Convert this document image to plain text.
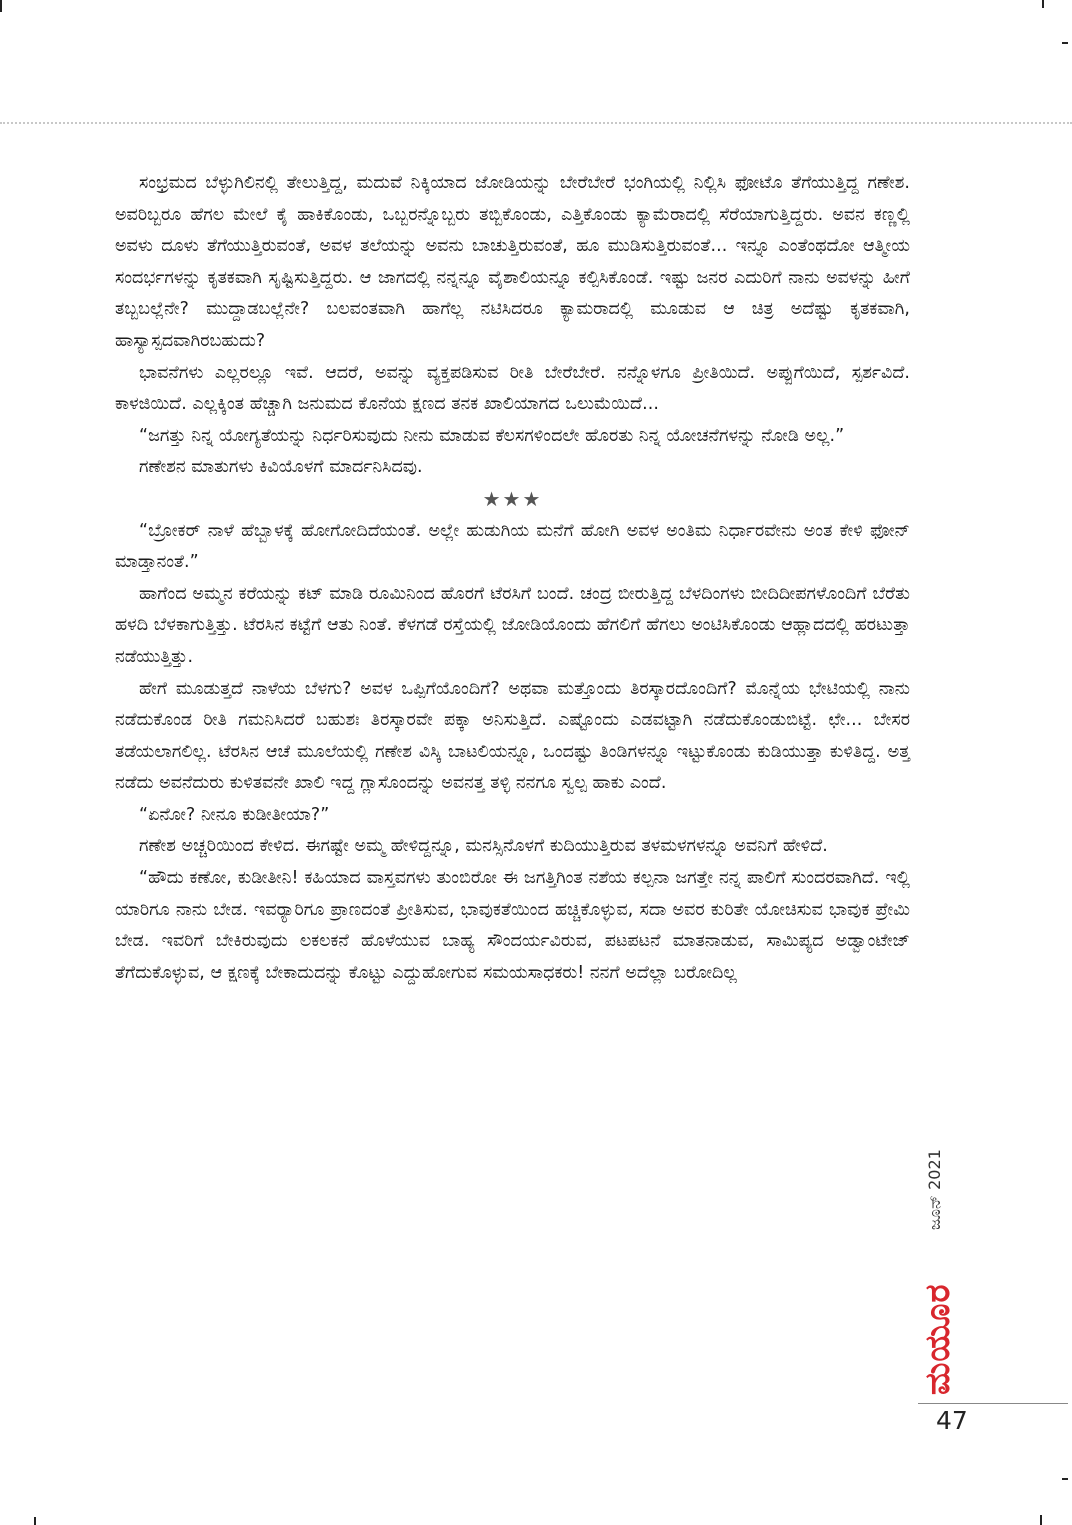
ಸಂಭ್ರಮದ ಬೆಳ್ಳುಗಿಲಿನಲ್ಲಿ ತೇಲುತ್ತಿದ್ದ, ಮದುವೆ ನಿಕ್ಕಿಯಾದ ಜೋಡಿಯನ್ನು ಬೇರೆಬೇರೆ ಭಂಗಿಯಲ್ಲಿ ನಿಲ್ಲಿಸಿ ಫೋಟೊ ತೆಗೆಯುತ್ತಿದ್ದ ಗಣೇಶ. ಅವರಿಬ್ಬರೂ ಹೆಗಲ ಮೇಲೆ ಕೈ ಹಾಕಿಕೊಂಡು, ಒಬ್ಬರನ್ನೊಬ್ಬರು ತಬ್ಬಿಕೊಂಡು, ಎತ್ತಿಕೊಂಡು ಕ್ಯಾಮೆರಾದಲ್ಲಿ ಸೆರೆಯಾಗುತ್ತಿದ್ದರು. ಅವನ ಕಣ್ಣಲ್ಲಿ ಅವಳು ದೂಳು ತೆಗೆಯುತ್ತಿರುವಂತೆ, ಅವಳ ತಲೆಯನ್ನು ಅವನು ಬಾಚುತ್ತಿರುವಂತೆ, ಹೂ ಮುಡಿಸುತ್ತಿರುವಂತೆ... ಇನ್ನೂ ಎಂತೆಂಥದೋ ಆತ್ಮೀಯ ಸಂದರ್ಭಗಳನ್ನು ಕೃತಕವಾಗಿ ಸೃಷ್ಟಿಸುತ್ತಿದ್ದರು. ಆ ಜಾಗದಲ್ಲಿ ನನ್ನನ್ನೂ ವೈಶಾಲಿಯನ್ನೂ ಕಲ್ಪಿಸಿಕೊಂಡೆ. ಇಷ್ಟು ಜನರ ಎದುರಿಗೆ ನಾನು ಅವಳನ್ನು ಹೀಗೆ ತಬ್ಬಬಲ್ಲೆನೇ? ಮುದ್ದಾಡಬಲ್ಲೆನೇ? ಬಲವಂತವಾಗಿ ಹಾಗೆಲ್ಲ ನಟಿಸಿದರೂ ಕ್ಯಾಮರಾದಲ್ಲಿ ಮೂಡುವ ಆ ಚಿತ್ರ ಅದೆಷ್ಟು ಕೃತಕವಾಗಿ, ಹಾಸ್ಯಾಸ್ಪದವಾಗಿರಬಹುದು?

ಭಾವನೆಗಳು ಎಲ್ಲರಲ್ಲೂ ಇವೆ. ಆದರೆ, ಅವನ್ನು ವ್ಯಕ್ತಪಡಿಸುವ ರೀತಿ ಬೇರೆಬೇರೆ. ನನ್ನೊಳಗೂ ಪ್ರೀತಿಯಿದೆ. ಅಪ್ಪುಗೆಯಿದೆ, ಸ್ಪರ್ಶವಿದೆ. ಕಾಳಜಿಯಿದೆ. ಎಲ್ಲಕ್ಕಿಂತ ಹೆಚ್ಚಾಗಿ ಜನುಮದ ಕೊನೆಯ ಕ್ಷಣದ ತನಕ ಖಾಲಿಯಾಗದ ಒಲುಮೆಯಿದೆ...

“ಜಗತ್ತು ನಿನ್ನ ಯೋಗ್ಯತೆಯನ್ನು ನಿರ್ಧರಿಸುವುದು ನೀನು ಮಾಡುವ ಕೆಲಸಗಳಿಂದಲೇ ಹೊರತು ನಿನ್ನ ಯೋಚನೆಗಳನ್ನು ನೋಡಿ ಅಲ್ಲ.”

ಗಣೇಶನ ಮಾತುಗಳು ಕಿವಿಯೊಳಗೆ ಮಾರ್ದನಿಸಿದವು.

★★★

“ಬ್ರೋಕರ್ ನಾಳೆ ಹೆಬ್ಬಾಳಕ್ಕೆ ಹೋಗೋದಿದೆಯಂತೆ. ಅಲ್ಲೇ ಹುಡುಗಿಯ ಮನೆಗೆ ಹೋಗಿ ಅವಳ ಅಂತಿಮ ನಿರ್ಧಾರವೇನು ಅಂತ ಕೇಳಿ ಫೋನ್ ಮಾಡ್ತಾನಂತೆ.”

ಹಾಗೆಂದ ಅಮ್ಮನ ಕರೆಯನ್ನು ಕಟ್ ಮಾಡಿ ರೂಮಿನಿಂದ ಹೊರಗೆ ಟೆರಸಿಗೆ ಬಂದೆ. ಚಂದ್ರ ಬೀರುತ್ತಿದ್ದ ಬೆಳದಿಂಗಳು ಬೀದಿದೀಪಗಳೊಂದಿಗೆ ಬೆರೆತು ಹಳದಿ ಬೆಳಕಾಗುತ್ತಿತ್ತು. ಟೆರಸಿನ ಕಟ್ಟೆಗೆ ಆತು ನಿಂತೆ. ಕೆಳಗಡೆ ರಸ್ತೆಯಲ್ಲಿ ಜೋಡಿಯೊಂದು ಹೆಗಲಿಗೆ ಹೆಗಲು ಅಂಟಿಸಿಕೊಂಡು ಆಹ್ಲಾದದಲ್ಲಿ ಹರಟುತ್ತಾ ನಡೆಯುತ್ತಿತ್ತು.

ಹೇಗೆ ಮೂಡುತ್ತದೆ ನಾಳೆಯ ಬೆಳಗು? ಅವಳ ಒಪ್ಪಿಗೆಯೊಂದಿಗೆ? ಅಥವಾ ಮತ್ತೊಂದು ತಿರಸ್ಕಾರದೊಂದಿಗೆ? ಮೊನ್ನೆಯ ಭೇಟಿಯಲ್ಲಿ ನಾನು ನಡೆದುಕೊಂಡ ರೀತಿ ಗಮನಿಸಿದರೆ ಬಹುಶಃ ತಿರಸ್ಕಾರವೇ ಪಕ್ಕಾ ಅನಿಸುತ್ತಿದೆ. ಎಷ್ಟೊಂದು ಎಡವಟ್ಟಾಗಿ ನಡೆದುಕೊಂಡುಬಿಟ್ಟೆ. ಛೇ... ಬೇಸರ ತಡೆಯಲಾಗಲಿಲ್ಲ. ಟೆರಸಿನ ಆಚೆ ಮೂಲೆಯಲ್ಲಿ ಗಣೇಶ ವಿಸ್ಕಿ ಬಾಟಲಿಯನ್ನೂ, ಒಂದಷ್ಟು ತಿಂಡಿಗಳನ್ನೂ ಇಟ್ಟುಕೊಂಡು ಕುಡಿಯುತ್ತಾ ಕುಳಿತಿದ್ದ. ಅತ್ತ ನಡೆದು ಅವನೆದುರು ಕುಳಿತವನೇ ಖಾಲಿ ಇದ್ದ ಗ್ಲಾಸೊಂದನ್ನು ಅವನತ್ತ ತಳ್ಳಿ ನನಗೂ ಸ್ವಲ್ಪ ಹಾಕು ಎಂದೆ.

“ಏನೋ? ನೀನೂ ಕುಡೀತೀಯಾ?”

ಗಣೇಶ ಅಚ್ಚರಿಯಿಂದ ಕೇಳಿದ. ಈಗಷ್ಟೇ ಅಮ್ಮ ಹೇಳಿದ್ದನ್ನೂ, ಮನಸ್ಸಿನೊಳಗೆ ಕುದಿಯುತ್ತಿರುವ ತಳಮಳಗಳನ್ನೂ ಅವನಿಗೆ ಹೇಳಿದೆ.

“ಹೌದು ಕಣೋ, ಕುಡೀತೀನಿ! ಕಹಿಯಾದ ವಾಸ್ತವಗಳು ತುಂಬಿರೋ ಈ ಜಗತ್ತಿಗಿಂತ ನಶೆಯ ಕಲ್ಪನಾ ಜಗತ್ತೇ ನನ್ನ ಪಾಲಿಗೆ ಸುಂದರವಾಗಿದೆ. ಇಲ್ಲಿ ಯಾರಿಗೂ ನಾನು ಬೇಡ. ಇವರ್‍ಯಾರಿಗೂ ಪ್ರಾಣದಂತೆ ಪ್ರೀತಿಸುವ, ಭಾವುಕತೆಯಿಂದ ಹಚ್ಚಿಕೊಳ್ಳುವ, ಸದಾ ಅವರ ಕುರಿತೇ ಯೋಚಿಸುವ ಭಾವುಕ ಪ್ರೇಮಿ ಬೇಡ. ಇವರಿಗೆ ಬೇಕಿರುವುದು ಲಕಲಕನೆ ಹೊಳೆಯುವ ಬಾಹ್ಯ ಸೌಂದರ್ಯವಿರುವ, ಪಟಪಟನೆ ಮಾತನಾಡುವ, ಸಾಮಿಪ್ಯದ ಅಡ್ವಾಂಟೇಜ್ ತೆಗೆದುಕೊಳ್ಳುವ, ಆ ಕ್ಷಣಕ್ಕೆ ಬೇಕಾದುದನ್ನು ಕೊಟ್ಟು ಎದ್ದುಹೋಗುವ ಸಮಯಸಾಧಕರು! ನನಗೆ ಅದೆಲ್ಲಾ ಬರೋದಿಲ್ಲ

ಜೂನ್ 2021
ಮಯೂರ
47
